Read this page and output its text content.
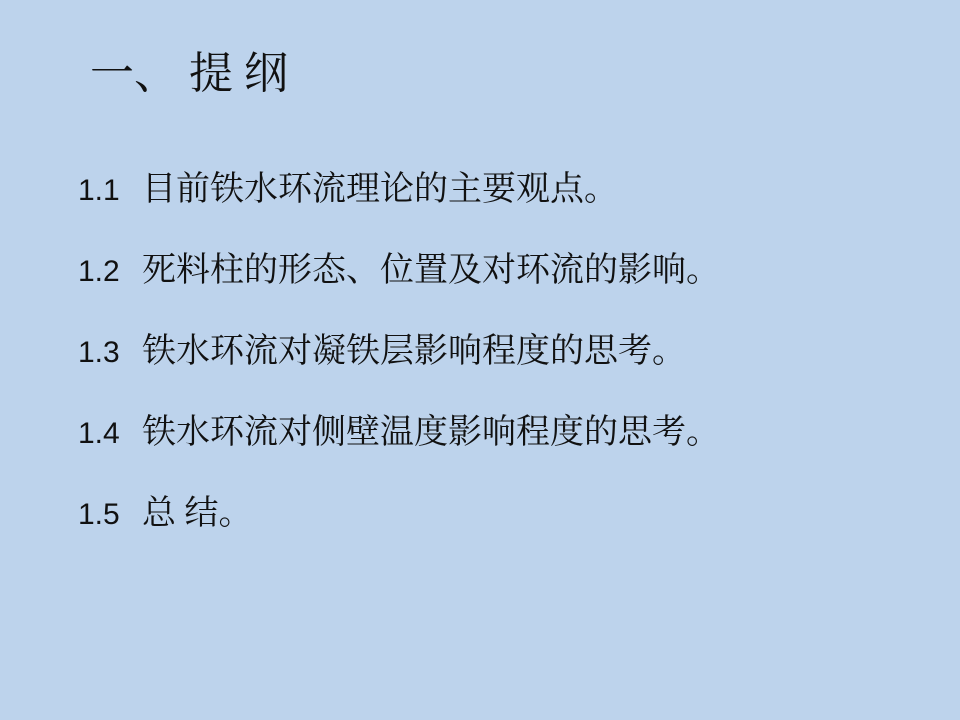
一、 提 纲
1.1 目前铁水环流理论的主要观点。
1.2 死料柱的形态、位置及对环流的影响。
1.3 铁水环流对凝铁层影响程度的思考。
1.4 铁水环流对侧壁温度影响程度的思考。
1.5 总 结。
